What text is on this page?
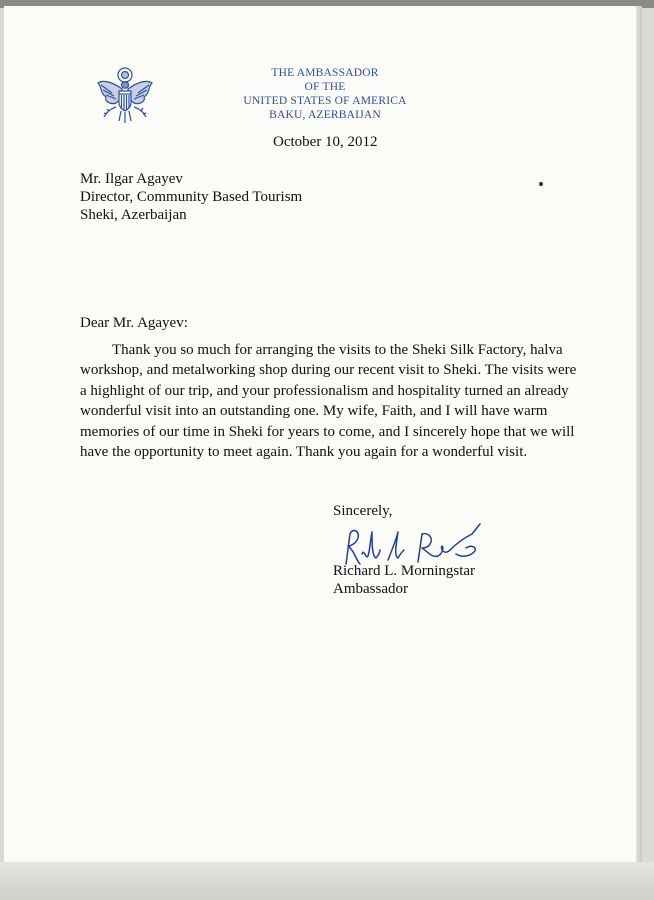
THE AMBASSADOR
OF THE
UNITED STATES OF AMERICA
BAKU, AZERBAIJAN
October 10, 2012
Mr. Ilgar Agayev
Director, Community Based Tourism
Sheki, Azerbaijan
Dear Mr. Agayev:
Thank you so much for arranging the visits to the Sheki Silk Factory, halva
workshop, and metalworking shop during our recent visit to Sheki. The visits were
a highlight of our trip, and your professionalism and hospitality turned an already
wonderful visit into an outstanding one. My wife, Faith, and I will have warm
memories of our time in Sheki for years to come, and I sincerely hope that we will
have the opportunity to meet again. Thank you again for a wonderful visit.
Sincerely,
Richard L. Morningstar
Ambassador
